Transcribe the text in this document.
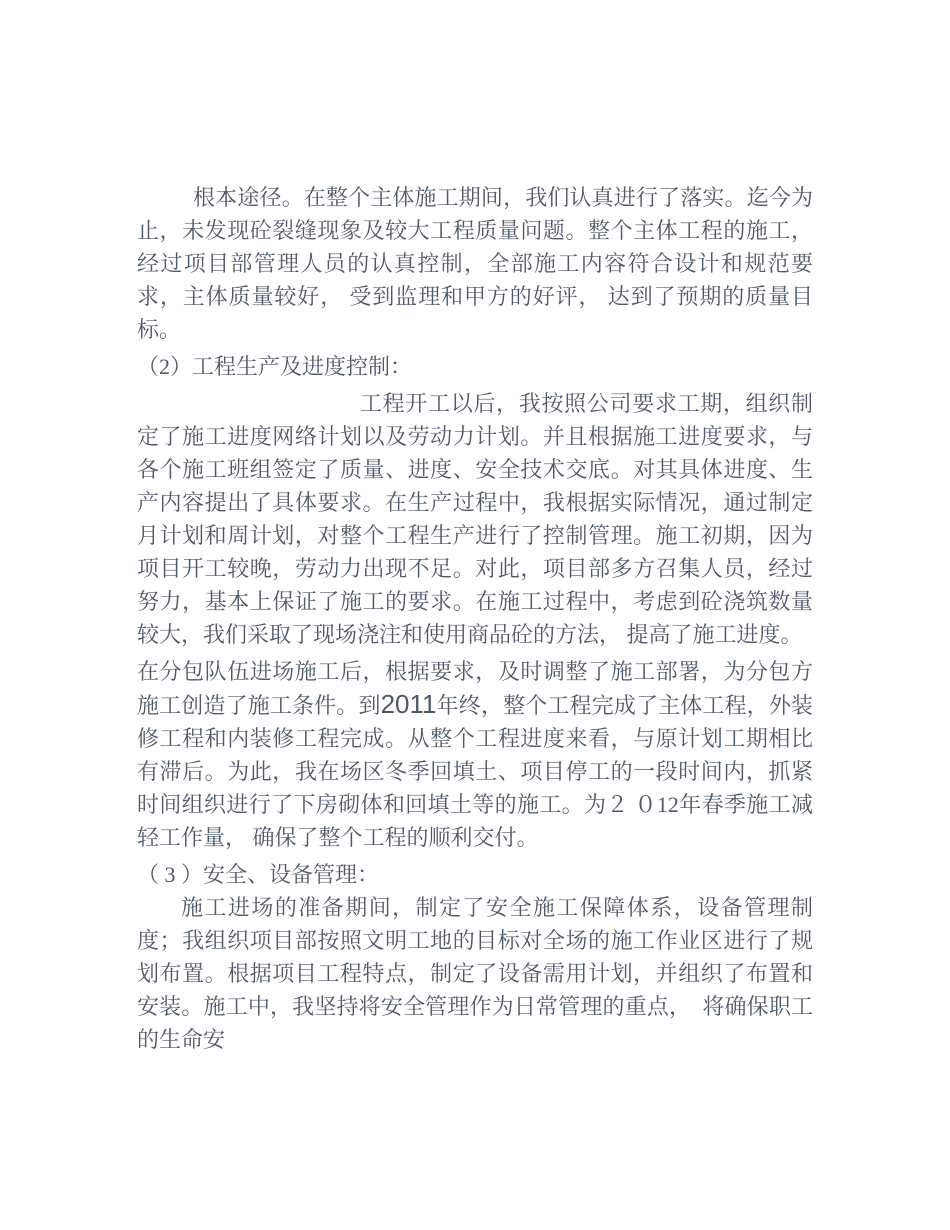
根本途径。在整个主体施工期间，我们认真进行了落实。迄今为止，未发现砼裂缝现象及较大工程质量问题。整个主体工程的施工，经过项目部管理人员的认真控制，全部施工内容符合设计和规范要求，主体质量较好， 受到监理和甲方的好评， 达到了预期的质量目标。

（2）工程生产及进度控制：

工程开工以后，我按照公司要求工期，组织制定了施工进度网络计划以及劳动力计划。并且根据施工进度要求，与各个施工班组签定了质量、进度、安全技术交底。对其具体进度、生产内容提出了具体要求。在生产过程中，我根据实际情况，通过制定月计划和周计划，对整个工程生产进行了控制管理。施工初期，因为项目开工较晚，劳动力出现不足。对此，项目部多方召集人员，经过努力，基本上保证了施工的要求。在施工过程中，考虑到砼浇筑数量较大，我们采取了现场浇注和使用商品砼的方法， 提高了施工进度。

在分包队伍进场施工后，根据要求，及时调整了施工部署，为分包方施工创造了施工条件。到2011年终，整个工程完成了主体工程，外装修工程和内装修工程完成。从整个工程进度来看，与原计划工期相比有滞后。为此，我在场区冬季回填土、项目停工的一段时间内，抓紧时间组织进行了下房砌体和回填土等的施工。为２ ０12年春季施工减轻工作量， 确保了整个工程的顺利交付。

（ 3 ）安全、设备管理：

施工进场的准备期间，制定了安全施工保障体系，设备管理制度；我组织项目部按照文明工地的目标对全场的施工作业区进行了规划布置。根据项目工程特点，制定了设备需用计划，并组织了布置和安装。施工中，我坚持将安全管理作为日常管理的重点，　将确保职工的生命安
